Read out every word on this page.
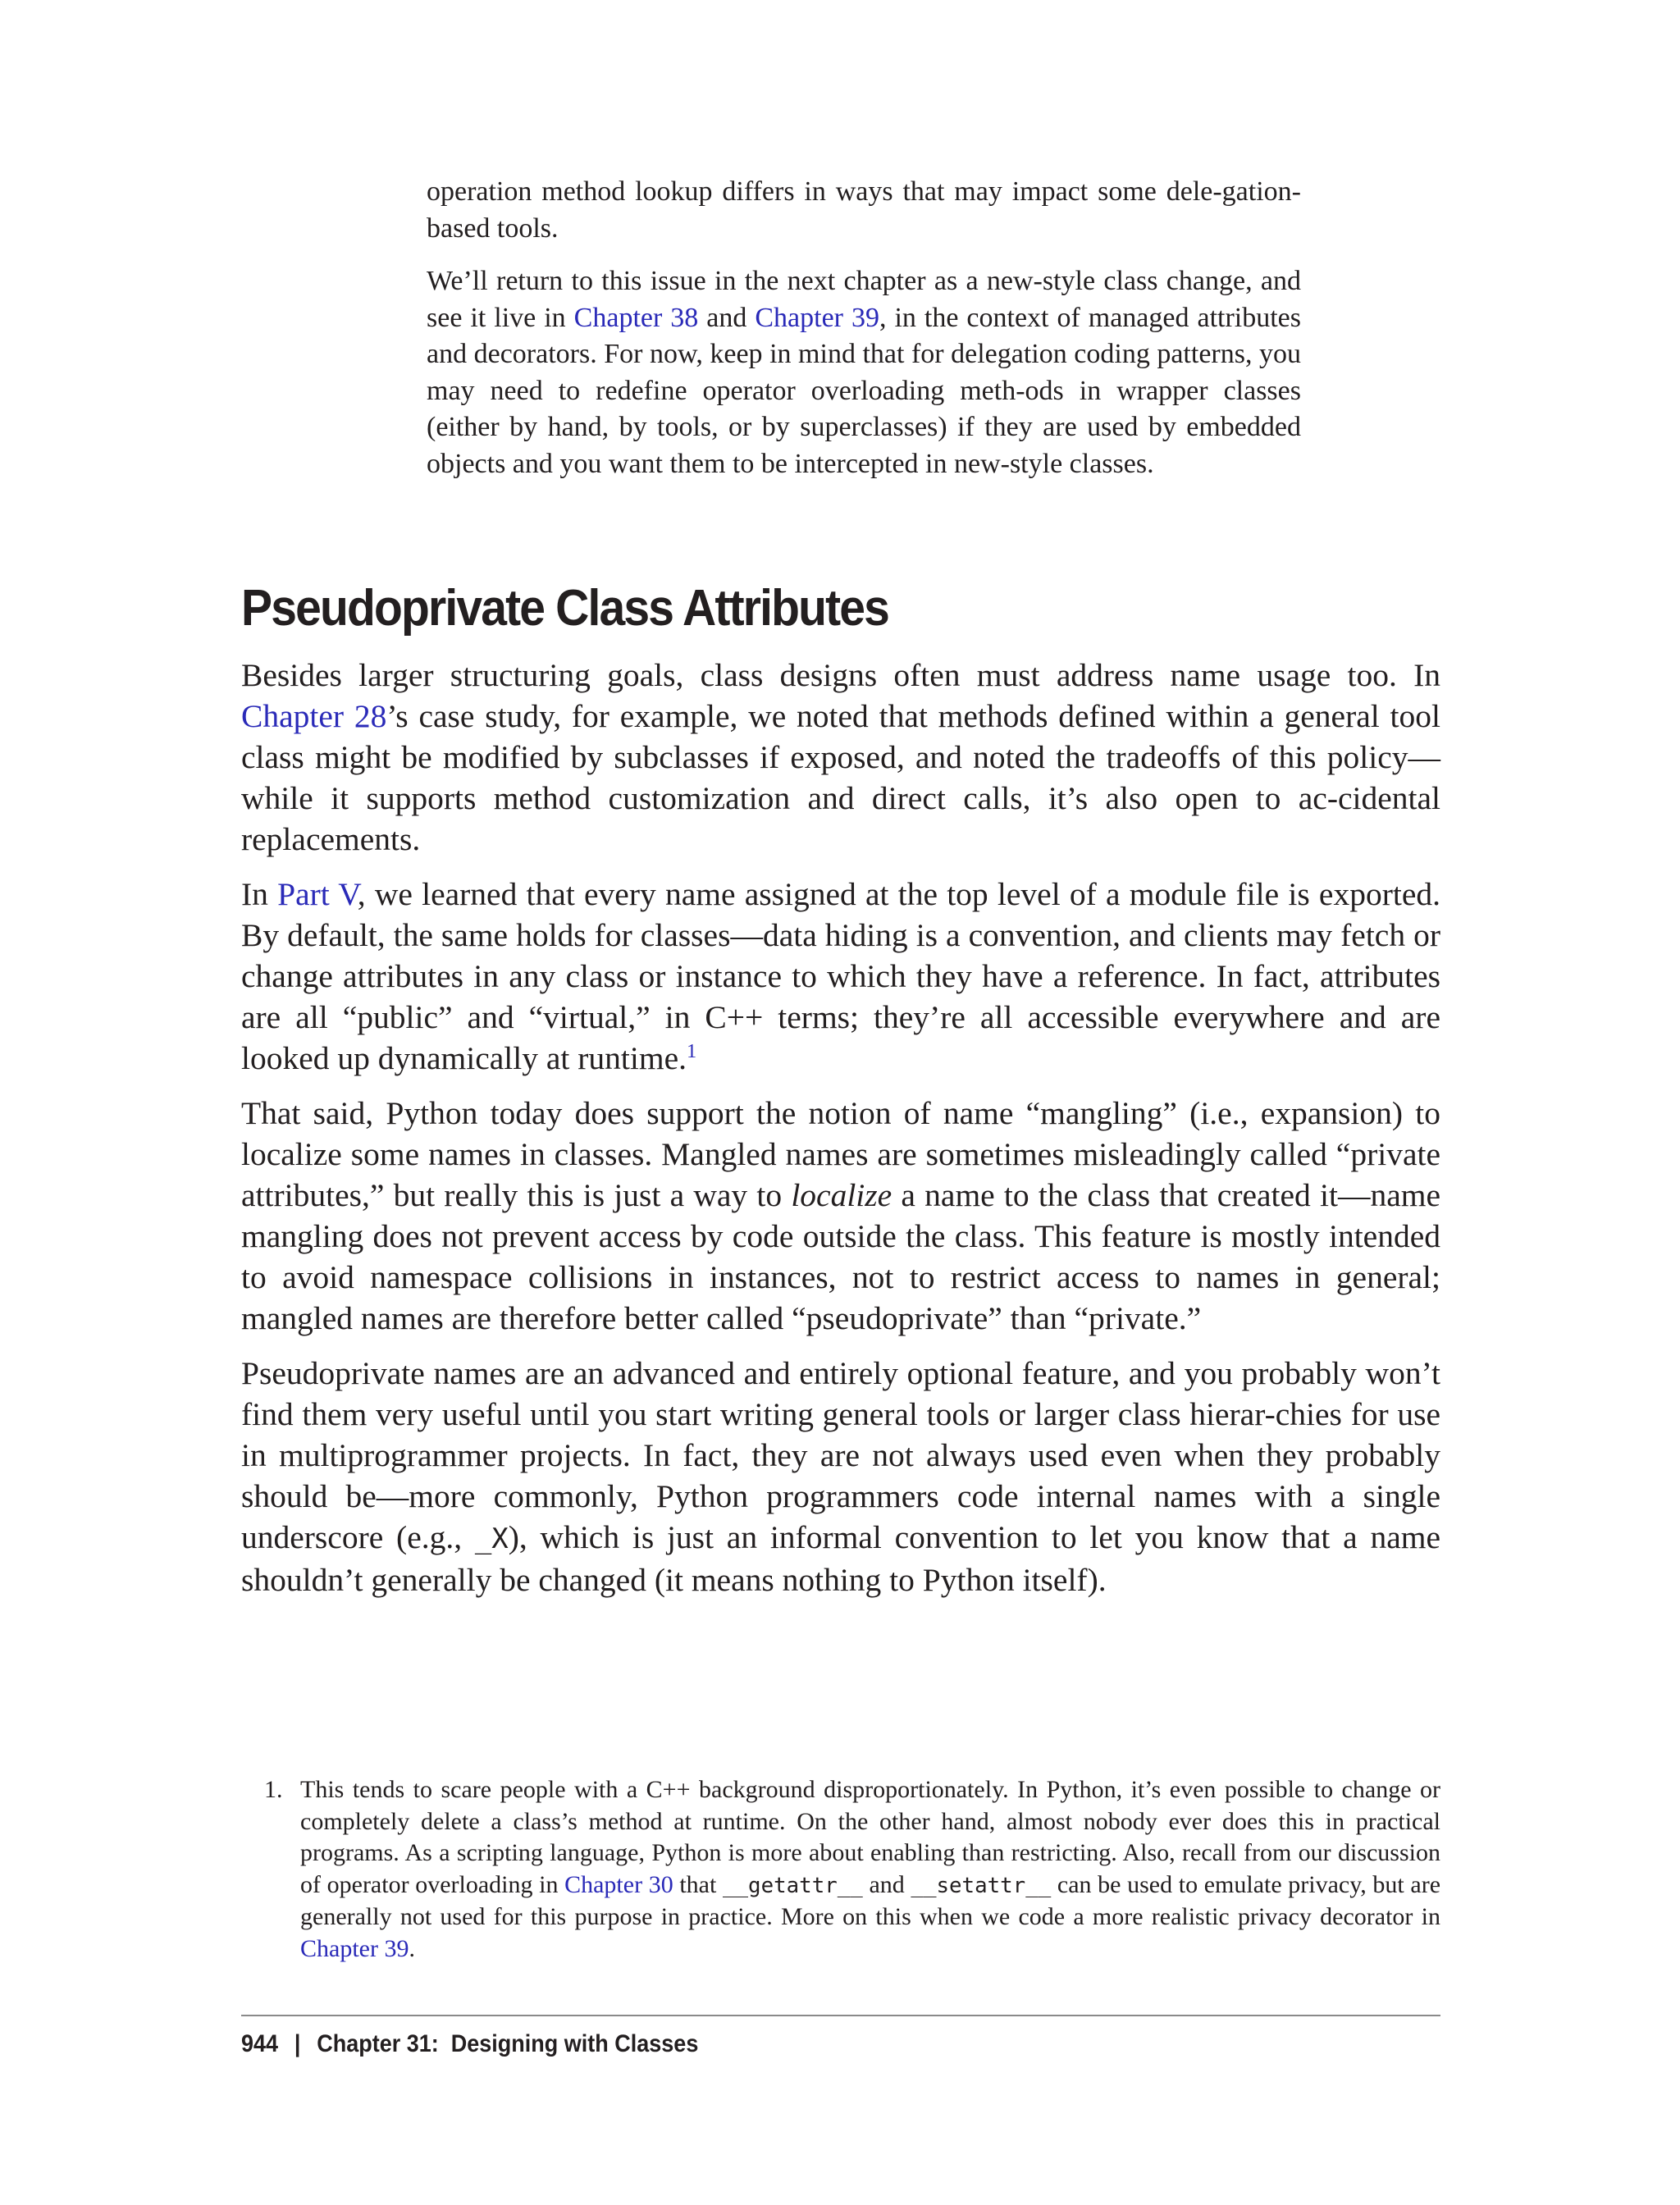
operation method lookup differs in ways that may impact some dele-gation-based tools.

We’ll return to this issue in the next chapter as a new-style class change, and see it live in Chapter 38 and Chapter 39, in the context of managed attributes and decorators. For now, keep in mind that for delegation coding patterns, you may need to redefine operator overloading meth-ods in wrapper classes (either by hand, by tools, or by superclasses) if they are used by embedded objects and you want them to be intercepted in new-style classes.

Pseudoprivate Class Attributes

Besides larger structuring goals, class designs often must address name usage too. In Chapter 28’s case study, for example, we noted that methods defined within a general tool class might be modified by subclasses if exposed, and noted the tradeoffs of this policy—while it supports method customization and direct calls, it’s also open to ac-cidental replacements.

In Part V, we learned that every name assigned at the top level of a module file is exported. By default, the same holds for classes—data hiding is a convention, and clients may fetch or change attributes in any class or instance to which they have a reference. In fact, attributes are all “public” and “virtual,” in C++ terms; they’re all accessible everywhere and are looked up dynamically at runtime.$^1$

That said, Python today does support the notion of name “mangling” (i.e., expansion) to localize some names in classes. Mangled names are sometimes misleadingly called “private attributes,” but really this is just a way to localize a name to the class that created it—name mangling does not prevent access by code outside the class. This feature is mostly intended to avoid namespace collisions in instances, not to restrict access to names in general; mangled names are therefore better called “pseudoprivate” than “private.”

Pseudoprivate names are an advanced and entirely optional feature, and you probably won’t find them very useful until you start writing general tools or larger class hierar-chies for use in multiprogrammer projects. In fact, they are not always used even when they probably should be—more commonly, Python programmers code internal names with a single underscore (e.g., _X), which is just an informal convention to let you know that a name shouldn’t generally be changed (it means nothing to Python itself).

1. This tends to scare people with a C++ background disproportionately. In Python, it’s even possible to change or completely delete a class’s method at runtime. On the other hand, almost nobody ever does this in practical programs. As a scripting language, Python is more about enabling than restricting. Also, recall from our discussion of operator overloading in Chapter 30 that __getattr__ and __setattr__ can be used to emulate privacy, but are generally not used for this purpose in practice. More on this when we code a more realistic privacy decorator in Chapter 39.
944 | Chapter 31:  Designing with Classes
